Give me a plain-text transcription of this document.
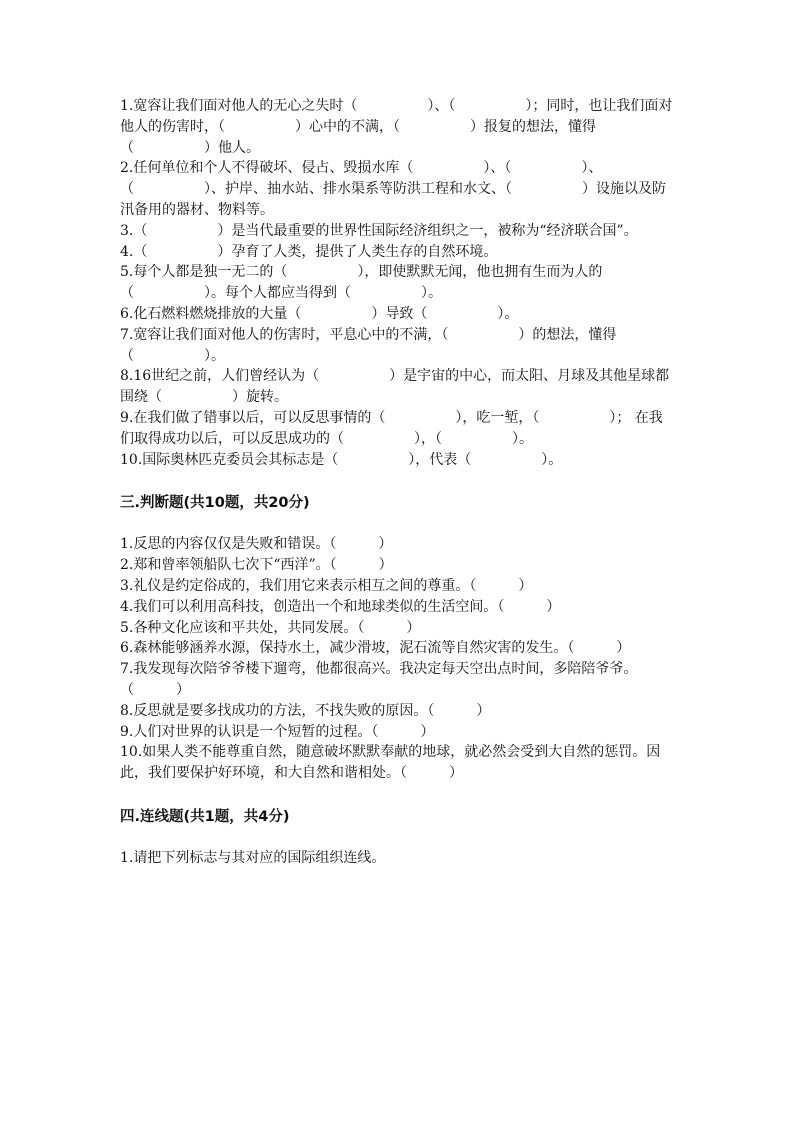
1.宽容让我们面对他人的无心之失时（　　　　　）、（　　　　　）；同时，也让我们面对他人的伤害时，（　　　　　）心中的不满，（　　　　　）报复的想法，懂得（　　　　　）他人。

2.任何单位和个人不得破坏、侵占、毁损水库（　　　　　）、（　　　　　）、（　　　　　）、护岸、抽水站、排水渠系等防洪工程和水文、（　　　　　）设施以及防汛备用的器材、物料等。

3.（　　　　　）是当代最重要的世界性国际经济组织之一，被称为“经济联合国”。

4.（　　　　　）孕育了人类，提供了人类生存的自然环境。

5.每个人都是独一无二的（　　　　　），即使默默无闻，他也拥有生而为人的（　　　　　）。每个人都应当得到（　　　　　）。

6.化石燃料燃烧排放的大量（　　　　　）导致（　　　　　）。

7.宽容让我们面对他人的伤害时，平息心中的不满，（　　　　　）的想法，懂得（　　　　　）。

8.16世纪之前，人们曾经认为（　　　　　）是宇宙的中心，而太阳、月球及其他星球都围绕（　　　　　）旋转。

9.在我们做了错事以后，可以反思事情的（　　　　　），吃一堑，（　　　　　）； 在我们取得成功以后，可以反思成功的（　　　　　），（　　　　　）。

10.国际奥林匹克委员会其标志是（　　　　　），代表（　　　　　）。

三.判断题(共10题，共20分)

1.反思的内容仅仅是失败和错误。（　　　）

2.郑和曾率领船队七次下“西洋”。（　　　）

3.礼仪是约定俗成的，我们用它来表示相互之间的尊重。（　　　）

4.我们可以利用高科技，创造出一个和地球类似的生活空间。（　　　）

5.各种文化应该和平共处，共同发展。（　　　）

6.森林能够涵养水源，保持水土，减少滑坡，泥石流等自然灾害的发生。（　　　）

7.我发现每次陪爷爷楼下遛弯，他都很高兴。我决定每天空出点时间，多陪陪爷爷。（　　　）

8.反思就是要多找成功的方法，不找失败的原因。（　　　）

9.人们对世界的认识是一个短暂的过程。（　　　）

10.如果人类不能尊重自然，随意破坏默默奉献的地球，就必然会受到大自然的惩罚。因此，我们要保护好环境，和大自然和谐相处。（　　　）

四.连线题(共1题，共4分)

1.请把下列标志与其对应的国际组织连线。
